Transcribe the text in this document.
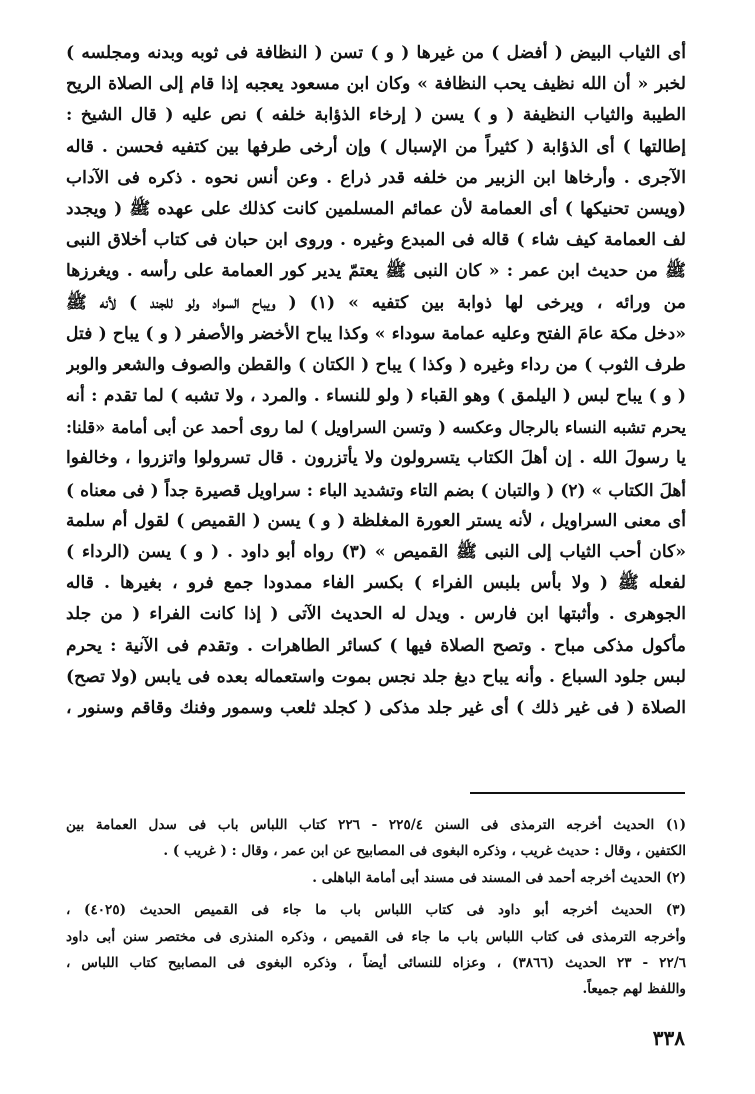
أى الثياب البيض ( أفضل ) من غيرها ( و ) تسن ( النظافة فى ثوبه وبدنه ومجلسه )
لخبر « أن الله نظيف يحب النظافة » وكان ابن مسعود يعجبه إذا قام إلى الصلاة الريح
الطيبة والثياب النظيفة ( و ) يسن ( إرخاء الذؤابة خلفه ) نص عليه ( قال الشيخ :
إطالتها ) أى الذؤابة ( كثيراً من الإسبال ) وإن أرخى طرفها بين كتفيه فحسن . قاله
الآجرى . وأرخاها ابن الزبير من خلفه قدر ذراع . وعن أنس نحوه . ذكره فى الآداب
(ويسن تحنيكها ) أى العمامة لأن عمائم المسلمين كانت كذلك على عهده ﷺ ( ويجدد
لف العمامة كيف شاء ) قاله فى المبدع وغيره . وروى ابن حبان فى كتاب أخلاق النبى
ﷺ من حديث ابن عمر : « كان النبى ﷺ يعتمّ يدير كور العمامة على رأسه . ويغرزها
من ورائه ، ويرخى لها ذوابة بين كتفيه » (١) ( ويباح السواد ولو للجند ) لأنه ﷺ
«دخل مكة عامَ الفتح وعليه عمامة سوداء » وكذا يباح الأخضر والأصفر ( و ) يباح ( فتل
طرف الثوب ) من رداء وغيره ( وكذا ) يباح ( الكتان ) والقطن والصوف والشعر والوبر
( و ) يباح لبس ( اليلمق ) وهو القباء ( ولو للنساء . والمرد ، ولا تشبه ) لما تقدم : أنه
يحرم تشبه النساء بالرجال وعكسه ( وتسن السراويل ) لما روى أحمد عن أبى أمامة «قلنا:
يا رسولَ الله . إن أهلَ الكتاب يتسرولون ولا يأتزرون . قال تسرولوا واتزروا ، وخالفوا
أهلَ الكتاب » (٢) ( والتبان ) بضم التاء وتشديد الباء : سراويل قصيرة جداً ( فى معناه )
أى معنى السراويل ، لأنه يستر العورة المغلظة ( و ) يسن ( القميص ) لقول أم سلمة
«كان أحب الثياب إلى النبى ﷺ القميص » (٣) رواه أبو داود . ( و ) يسن (الرداء )
لفعله ﷺ ( ولا بأس بلبس الفراء ) بكسر الفاء ممدودا جمع فرو ، بغيرها . قاله
الجوهرى . وأثبتها ابن فارس . ويدل له الحديث الآتى ( إذا كانت الفراء ( من جلد
مأكول مذكى مباح . وتصح الصلاة فيها ) كسائر الطاهرات . وتقدم فى الآنية : يحرم
لبس جلود السباع . وأنه يباح دبغ جلد نجس بموت واستعماله بعده فى يابس (ولا تصح)
الصلاة ( فى غير ذلك ) أى غير جلد مذكى ( كجلد ثلعب وسمور وفنك وقاقم وسنور ،
(١) الحديث أخرجه الترمذى فى السنن ٢٢٥/٤ - ٢٢٦ كتاب اللباس باب فى سدل العمامة بين
الكتفين ، وقال : حديث غريب ، وذكره البغوى فى المصابيح عن ابن عمر ، وقال : ( غريب ) .
(٢) الحديث أخرجه أحمد فى المسند فى مسند أبى أمامة الباهلى .
(٣) الحديث أخرجه أبو داود فى كتاب اللباس باب ما جاء فى القميص الحديث (٤٠٢٥) ،
وأخرجه الترمذى فى كتاب اللباس باب ما جاء فى القميص ، وذكره المنذرى فى مختصر سنن أبى داود
٢٢/٦ - ٢٣ الحديث (٣٨٦٦) ، وعزاه للنسائى أيضاً ، وذكره البغوى فى المصابيح كتاب اللباس ،
واللفظ لهم جميعاً.
٣٣٨
